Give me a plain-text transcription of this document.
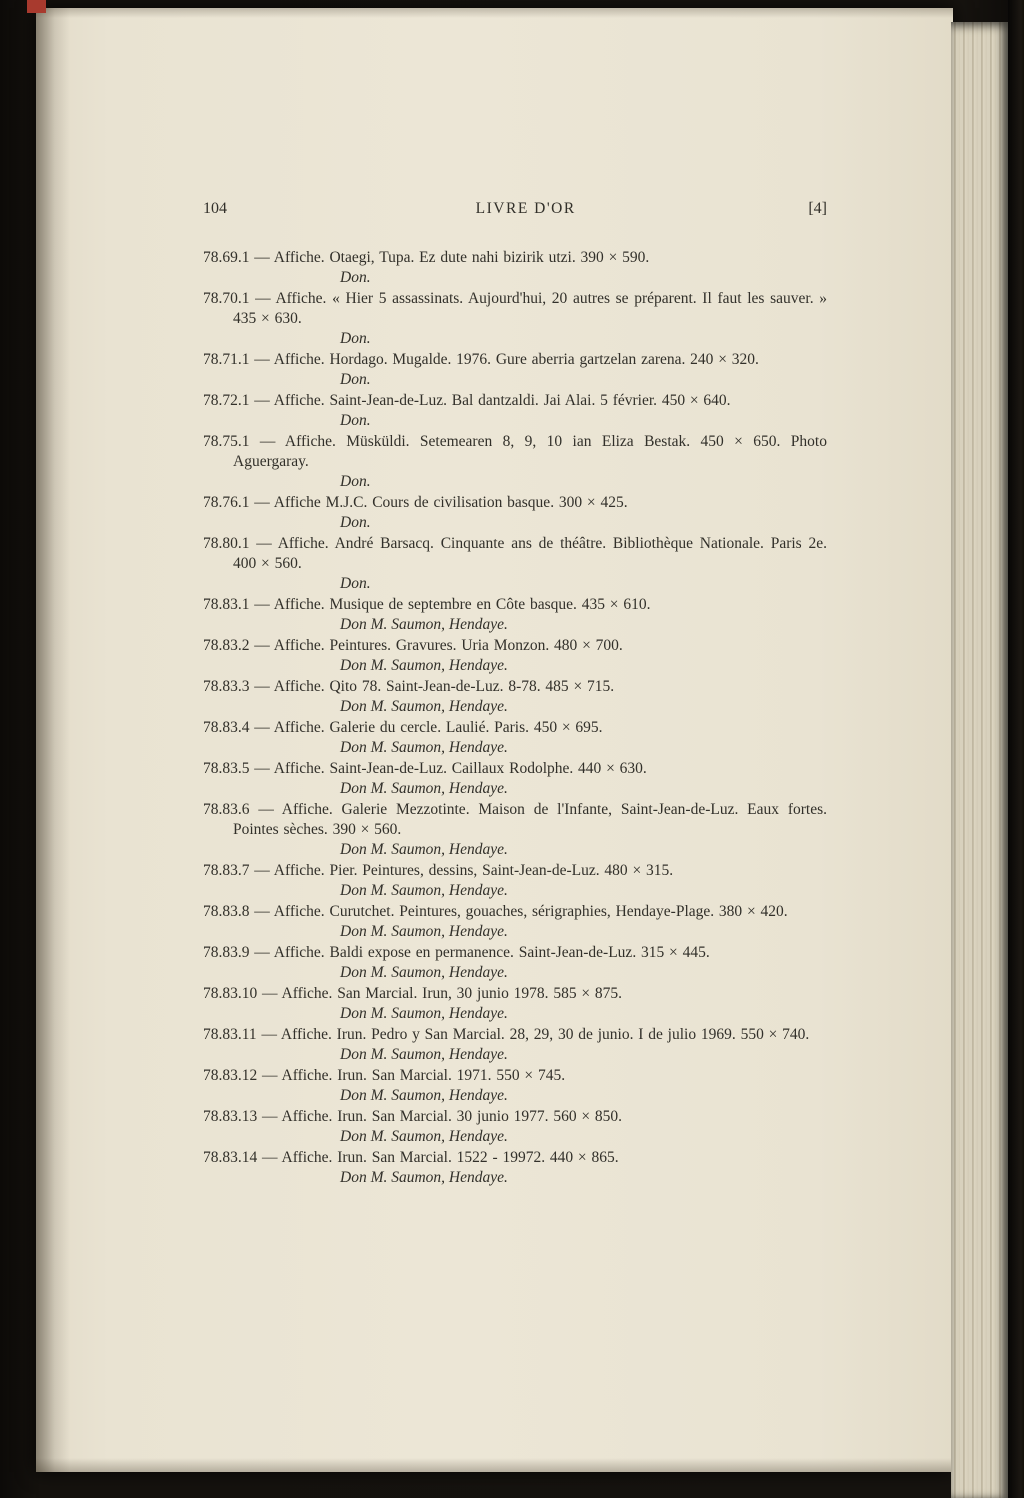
104	LIVRE D'OR	[4]

78.69.1 — Affiche. Otaegi, Tupa. Ez dute nahi bizirik utzi. 390 × 590.

Don.

78.70.1 — Affiche. « Hier 5 assassinats. Aujourd'hui, 20 autres se préparent. Il faut les sauver. » 435 × 630.

Don.

78.71.1 — Affiche. Hordago. Mugalde. 1976. Gure aberria gartzelan zarena. 240 × 320.

Don.

78.72.1 — Affiche. Saint-Jean-de-Luz. Bal dantzaldi. Jai Alai. 5 février. 450 × 640.

Don.

78.75.1 — Affiche. Müsküldi. Setemearen 8, 9, 10 ian Eliza Bestak. 450 × 650. Photo Aguergaray.

Don.

78.76.1 — Affiche M.J.C. Cours de civilisation basque. 300 × 425.

Don.

78.80.1 — Affiche. André Barsacq. Cinquante ans de théâtre. Bibliothèque Nationale. Paris 2e. 400 × 560.

Don.

78.83.1 — Affiche. Musique de septembre en Côte basque. 435 × 610.

Don M. Saumon, Hendaye.

78.83.2 — Affiche. Peintures. Gravures. Uria Monzon. 480 × 700.

Don M. Saumon, Hendaye.

78.83.3 — Affiche. Qito 78. Saint-Jean-de-Luz. 8-78. 485 × 715.

Don M. Saumon, Hendaye.

78.83.4 — Affiche. Galerie du cercle. Laulié. Paris. 450 × 695.

Don M. Saumon, Hendaye.

78.83.5 — Affiche. Saint-Jean-de-Luz. Caillaux Rodolphe. 440 × 630.

Don M. Saumon, Hendaye.

78.83.6 — Affiche. Galerie Mezzotinte. Maison de l'Infante, Saint-Jean-de-Luz. Eaux fortes. Pointes sèches. 390 × 560.

Don M. Saumon, Hendaye.

78.83.7 — Affiche. Pier. Peintures, dessins, Saint-Jean-de-Luz. 480 × 315.

Don M. Saumon, Hendaye.

78.83.8 — Affiche. Curutchet. Peintures, gouaches, sérigraphies, Hendaye-Plage. 380 × 420.

Don M. Saumon, Hendaye.

78.83.9 — Affiche. Baldi expose en permanence. Saint-Jean-de-Luz. 315 × 445.

Don M. Saumon, Hendaye.

78.83.10 — Affiche. San Marcial. Irun, 30 junio 1978. 585 × 875.

Don M. Saumon, Hendaye.

78.83.11 — Affiche. Irun. Pedro y San Marcial. 28, 29, 30 de junio. I de julio 1969. 550 × 740.

Don M. Saumon, Hendaye.

78.83.12 — Affiche. Irun. San Marcial. 1971. 550 × 745.

Don M. Saumon, Hendaye.

78.83.13 — Affiche. Irun. San Marcial. 30 junio 1977. 560 × 850.

Don M. Saumon, Hendaye.

78.83.14 — Affiche. Irun. San Marcial. 1522 - 19972. 440 × 865.

Don M. Saumon, Hendaye.
